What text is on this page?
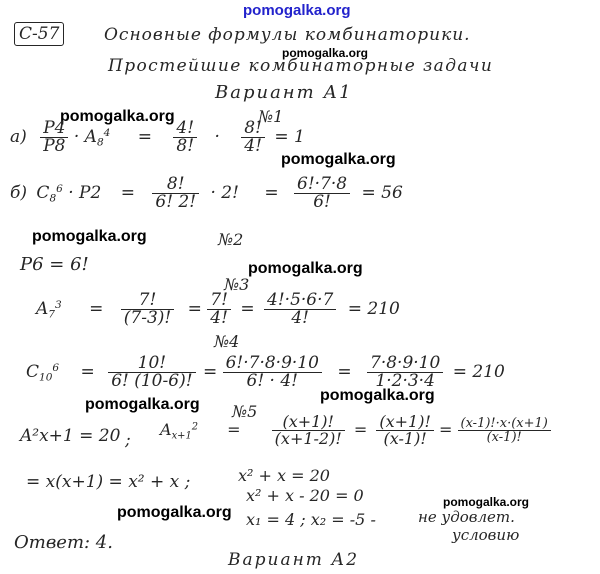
pomogalka.org
pomogalka.org
pomogalka.org
pomogalka.org
pomogalka.org
pomogalka.org
pomogalka.org
pomogalka.org
pomogalka.org
pomogalka.org
С-57	Основные формулы комбинаторики.
Простейшие комбинаторные задачи
Вариант А1
№1
$а) \frac{P4}{P8} \cdot A_8^4 = \frac{4!}{8!} \cdot \frac{8!}{4!} = 1$
б) $C_8^6 \cdot P2 = \frac{8!}{6! 2!} \cdot 2$! = $\frac{6!\cdot 7\cdot 8}{6!} = 56$
№2
P6 = 6!
№3
$A_7^3 = \frac{7!}{(7-3)!} = \frac{7!}{4!} = \frac{4!\cdot 5\cdot 6\cdot 7}{4!} = 210$
№4
$C_{10}^6 = \frac{10!}{6! (10-6)!} = \frac{6!\cdot 7\cdot 8\cdot 9\cdot 10}{6! \cdot 4!} = \frac{7\cdot 8\cdot 9\cdot 10}{1\cdot 2\cdot 3\cdot 4} = 210$
№5
A²x+1 = 20 ;
$A_{x+1}^2 = \frac{(x+1)!}{(x+1-2)!} = \frac{(x+1)!}{(x-1)!} = \frac{(x-1)!\cdot x\cdot(x+1)}{(x-1)!}$
= x(x+1) = x² + x ;	x² + x = 20
x² + x - 20 = 0
x₁ = 4 ; x₂ = -5 -	не удовлет.
условию
Ответ: 4.
Вариант А2
